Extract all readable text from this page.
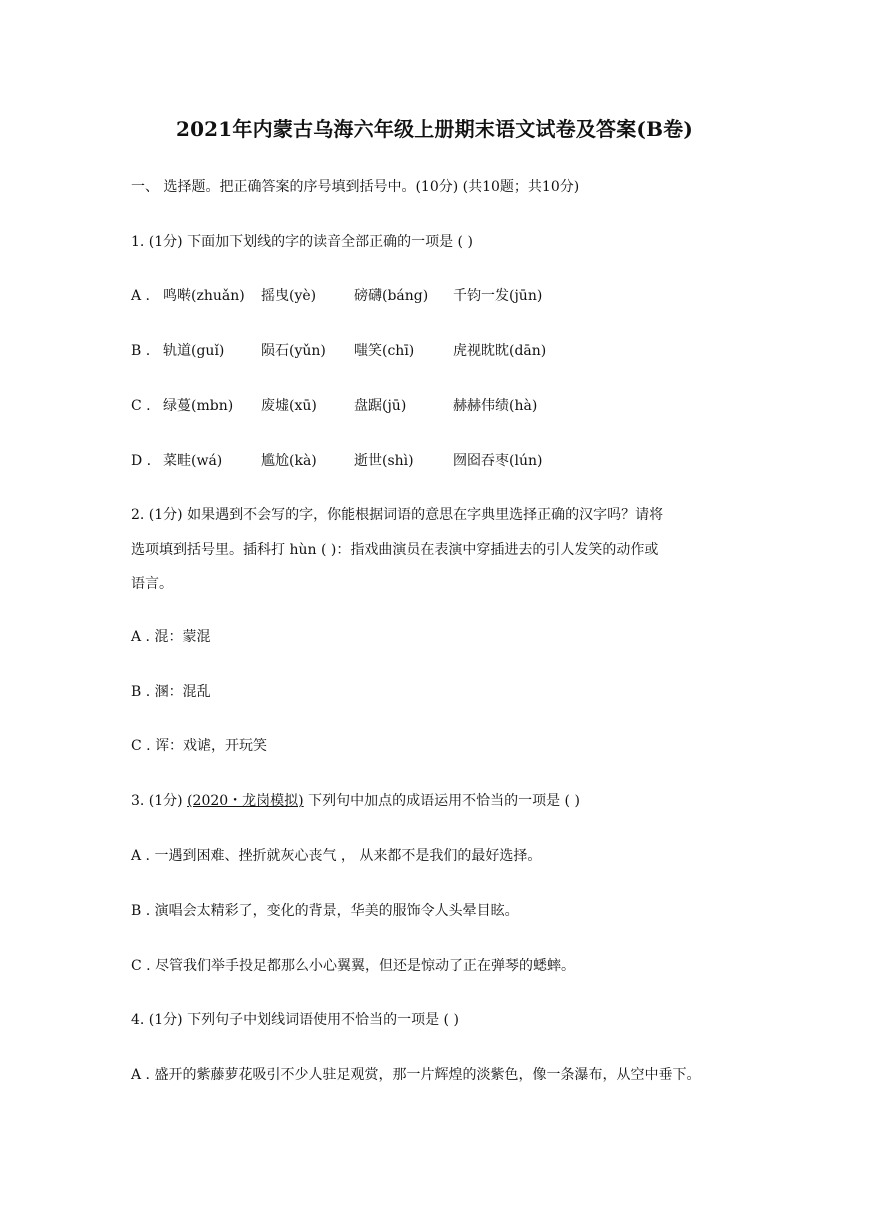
2021年内蒙古乌海六年级上册期末语文试卷及答案(B卷)
一、 选择题。把正确答案的序号填到括号中。(10分) (共10题；共10分)
1. (1分) 下面加下划线的字的读音全部正确的一项是 ( )
A . 鸣啭(zhuǎn) 摇曳(yè)	磅礴(báng) 千钧一发(jūn)
B . 轨道(guǐ)	陨石(yǔn) 嗤笑(chī)	虎视眈眈(dān)
C . 绿蔓(mbn) 废墟(xū)	盘踞(jū)	赫赫伟绩(hà)
D . 菜畦(wá)	尴尬(kà)	逝世(shì)	囫囵吞枣(lún)
2. (1分) 如果遇到不会写的字，你能根据词语的意思在字典里选择正确的汉字吗？请将
选项填到括号里。插科打 hùn ( )：指戏曲演员在表演中穿插进去的引人发笑的动作或
语言。
A . 混：蒙混
B . 溷：混乱
C . 诨：戏谑，开玩笑
3. (1分) (2020・龙岗模拟) 下列句中加点的成语运用不恰当的一项是 ( )
A . 一遇到困难、挫折就灰心丧气 ， 从来都不是我们的最好选择。
B . 演唱会太精彩了，变化的背景，华美的服饰令人头晕目眩。
C . 尽管我们举手投足都那么小心翼翼，但还是惊动了正在弹琴的蟋蟀。
4. (1分) 下列句子中划线词语使用不恰当的一项是 ( )
A . 盛开的紫藤萝花吸引不少人驻足观赏，那一片辉煌的淡紫色，像一条瀑布，从空中垂下。
